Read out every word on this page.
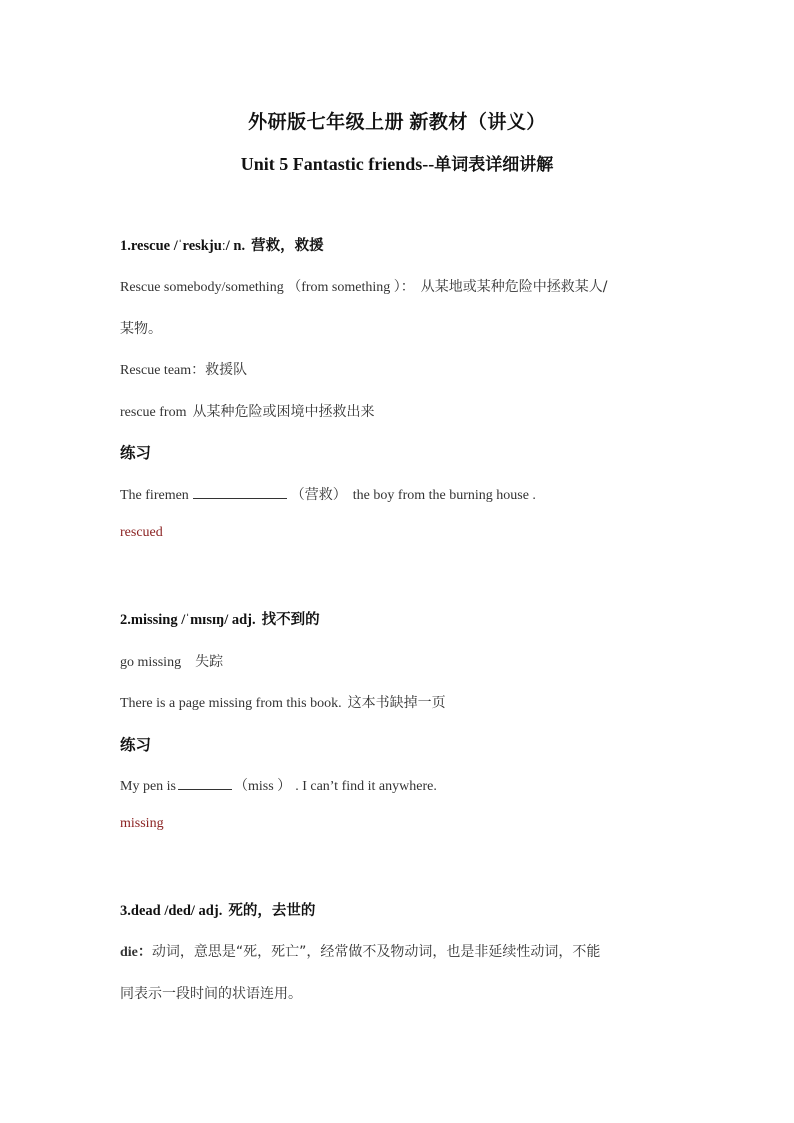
外研版七年级上册 新教材（讲义）
Unit 5 Fantastic friends--单词表详细讲解
1.rescue /ˈreskjuː/ n. 营救，救援
Rescue somebody/something （from something ）： 从某地或某种危险中拯救某人/
某物。
Rescue team：救援队
rescue from 从某种危险或困境中拯救出来
练习
The firemen	（营救） the boy from the burning house .
rescued
2.missing /ˈmɪsɪŋ/ adj. 找不到的
go missing 失踪
There is a page missing from this book. 这本书缺掉一页
练习
My pen is	（miss ） . I can’t find it anywhere.
missing
3.dead /ded/ adj. 死的，去世的
die：动词，意思是“死，死亡”，经常做不及物动词，也是非延续性动词，不能
同表示一段时间的状语连用。
